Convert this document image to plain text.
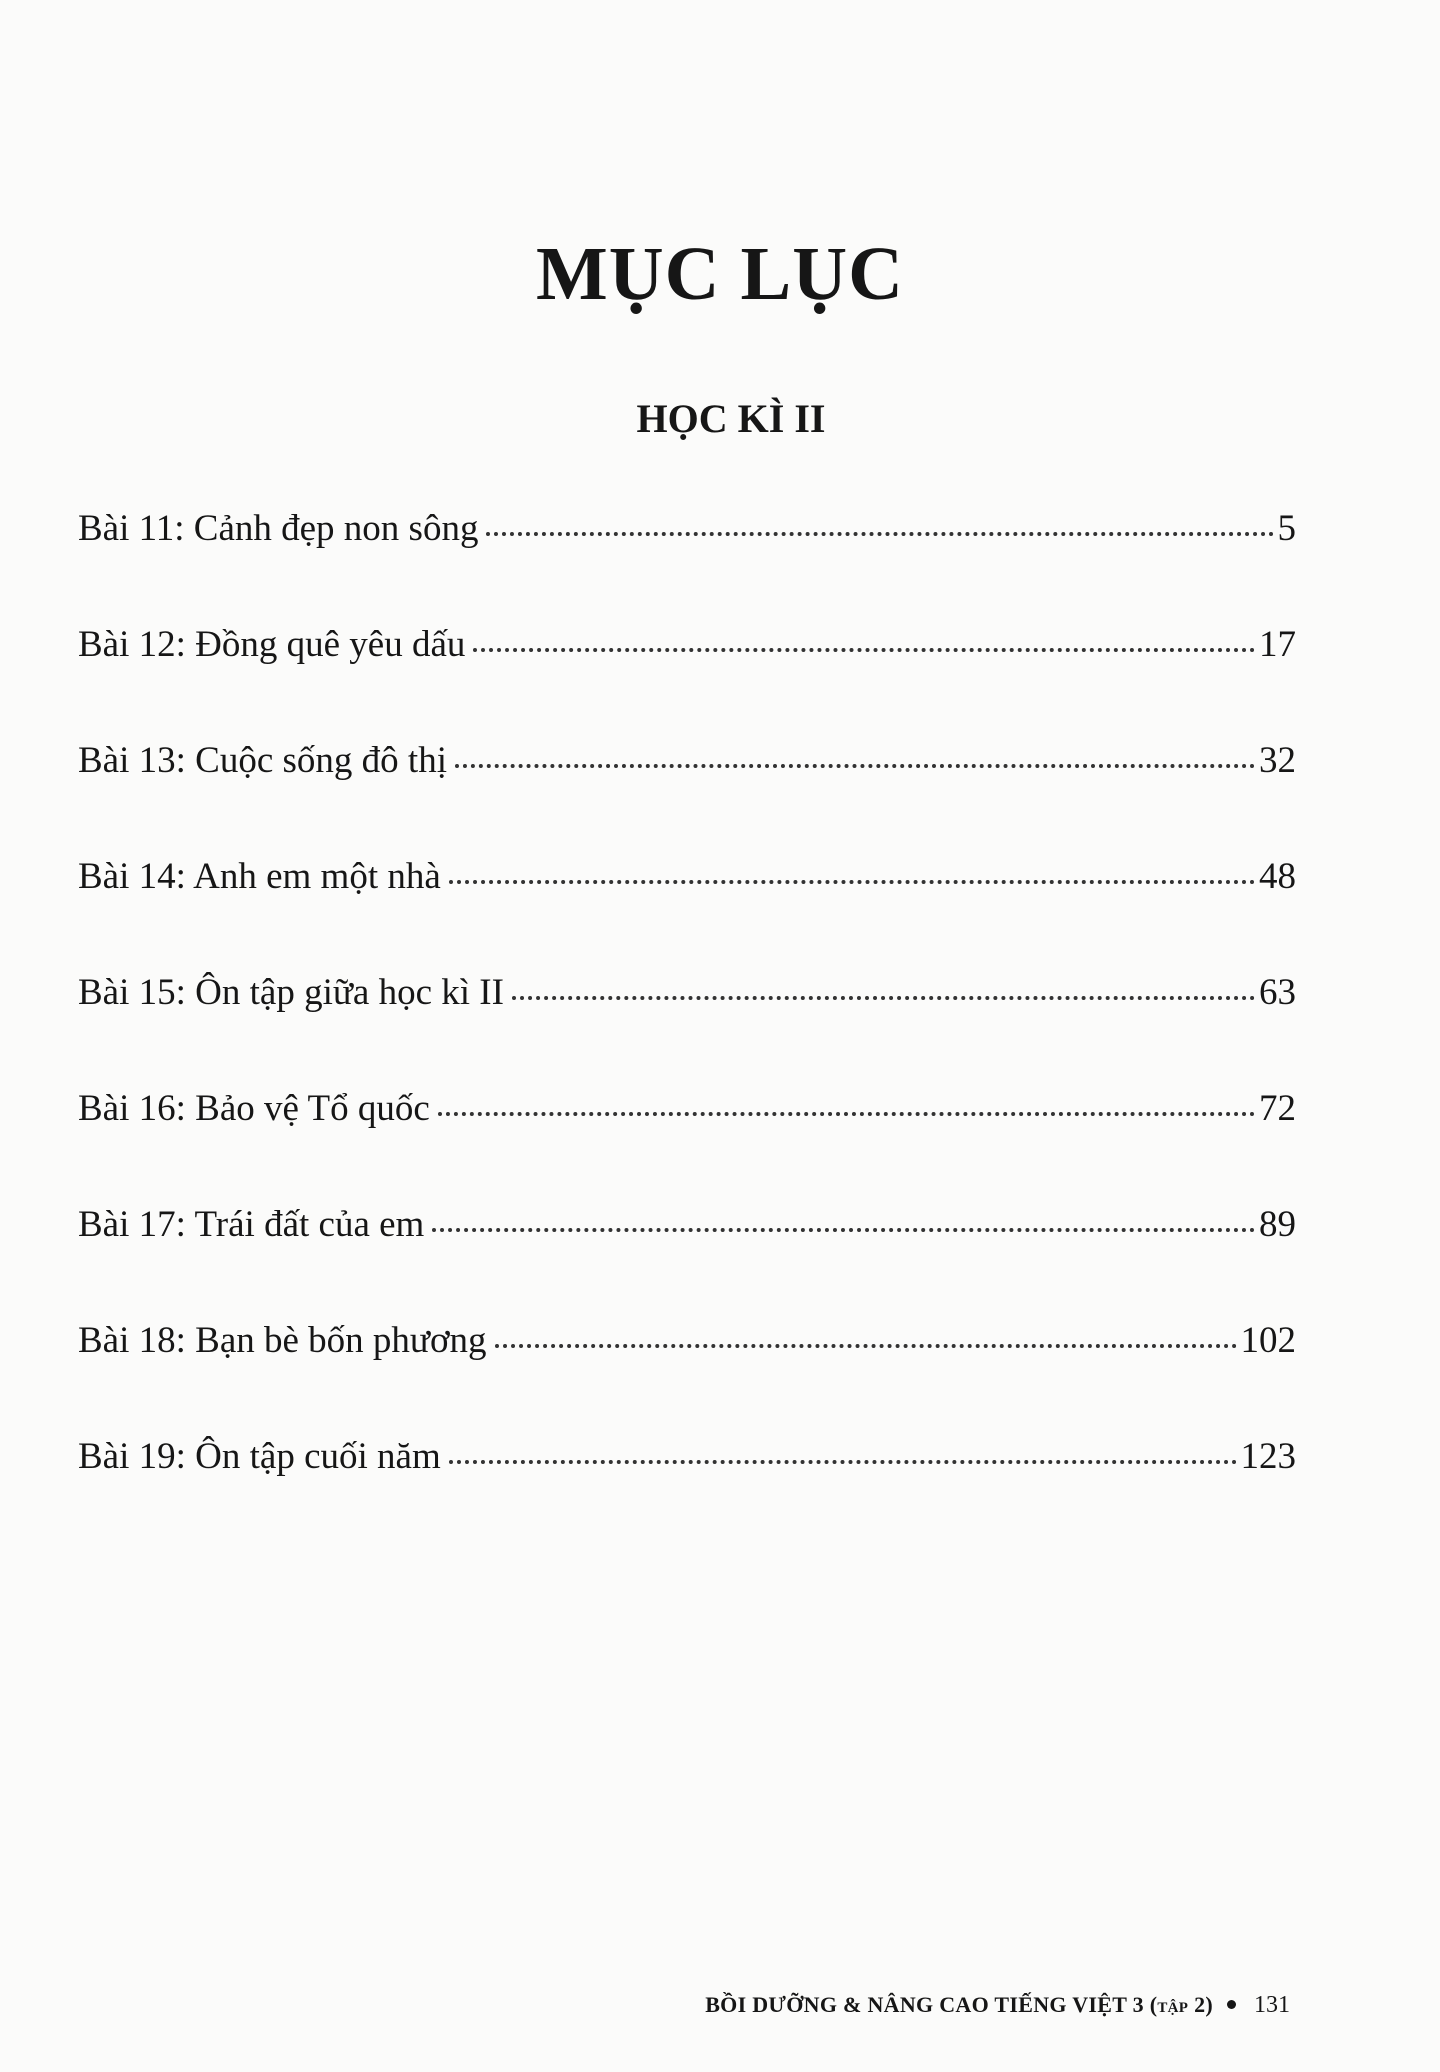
MỤC LỤC
HỌC KÌ II
Bài 11: Cảnh đẹp non sông	5
Bài 12: Đồng quê yêu dấu	17
Bài 13: Cuộc sống đô thị	32
Bài 14: Anh em một nhà	48
Bài 15: Ôn tập giữa học kì II	63
Bài 16: Bảo vệ Tổ quốc	72
Bài 17: Trái đất của em	89
Bài 18: Bạn bè bốn phương	102
Bài 19: Ôn tập cuối năm	123
BỒI DƯỠNG & NÂNG CAO TIẾNG VIỆT 3 (tập 2) 131
